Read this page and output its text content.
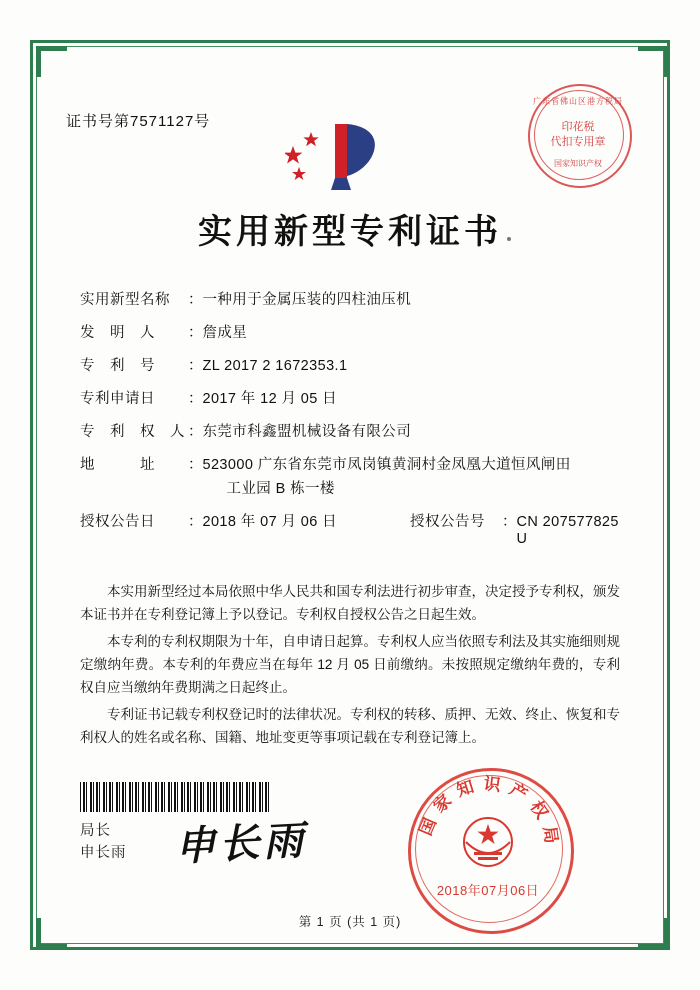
证书号第7571127号
广东省佛山区港方税局
印花税
代扣专用章
国家知识产权
实用新型专利证书
实用新型名称	： 一种用于金属压装的四柱油压机
发　明　人	： 詹成星
专　利　号	： ZL 2017 2 1672353.1
专利申请日	： 2017 年 12 月 05 日
专　利　权　人 ： 东莞市科鑫盟机械设备有限公司
地　　　址	： 523000 广东省东莞市凤岗镇黄洞村金凤凰大道恒风闸田
工业园 B 栋一楼
授权公告日	： 2018 年 07 月 06 日	授权公告号	： CN 207577825 U

本实用新型经过本局依照中华人民共和国专利法进行初步审查，决定授予专利权，颁发本证书并在专利登记簿上予以登记。专利权自授权公告之日起生效。

本专利的专利权期限为十年，自申请日起算。专利权人应当依照专利法及其实施细则规定缴纳年费。本专利的年费应当在每年 12 月 05 日前缴纳。未按照规定缴纳年费的，专利权自应当缴纳年费期满之日起终止。

专利证书记载专利权登记时的法律状况。专利权的转移、质押、无效、终止、恢复和专利权人的姓名或名称、国籍、地址变更等事项记载在专利登记簿上。

局长
申长雨 申长雨	国家知识产权局
2018年07月06日
第 1 页 (共 1 页)
